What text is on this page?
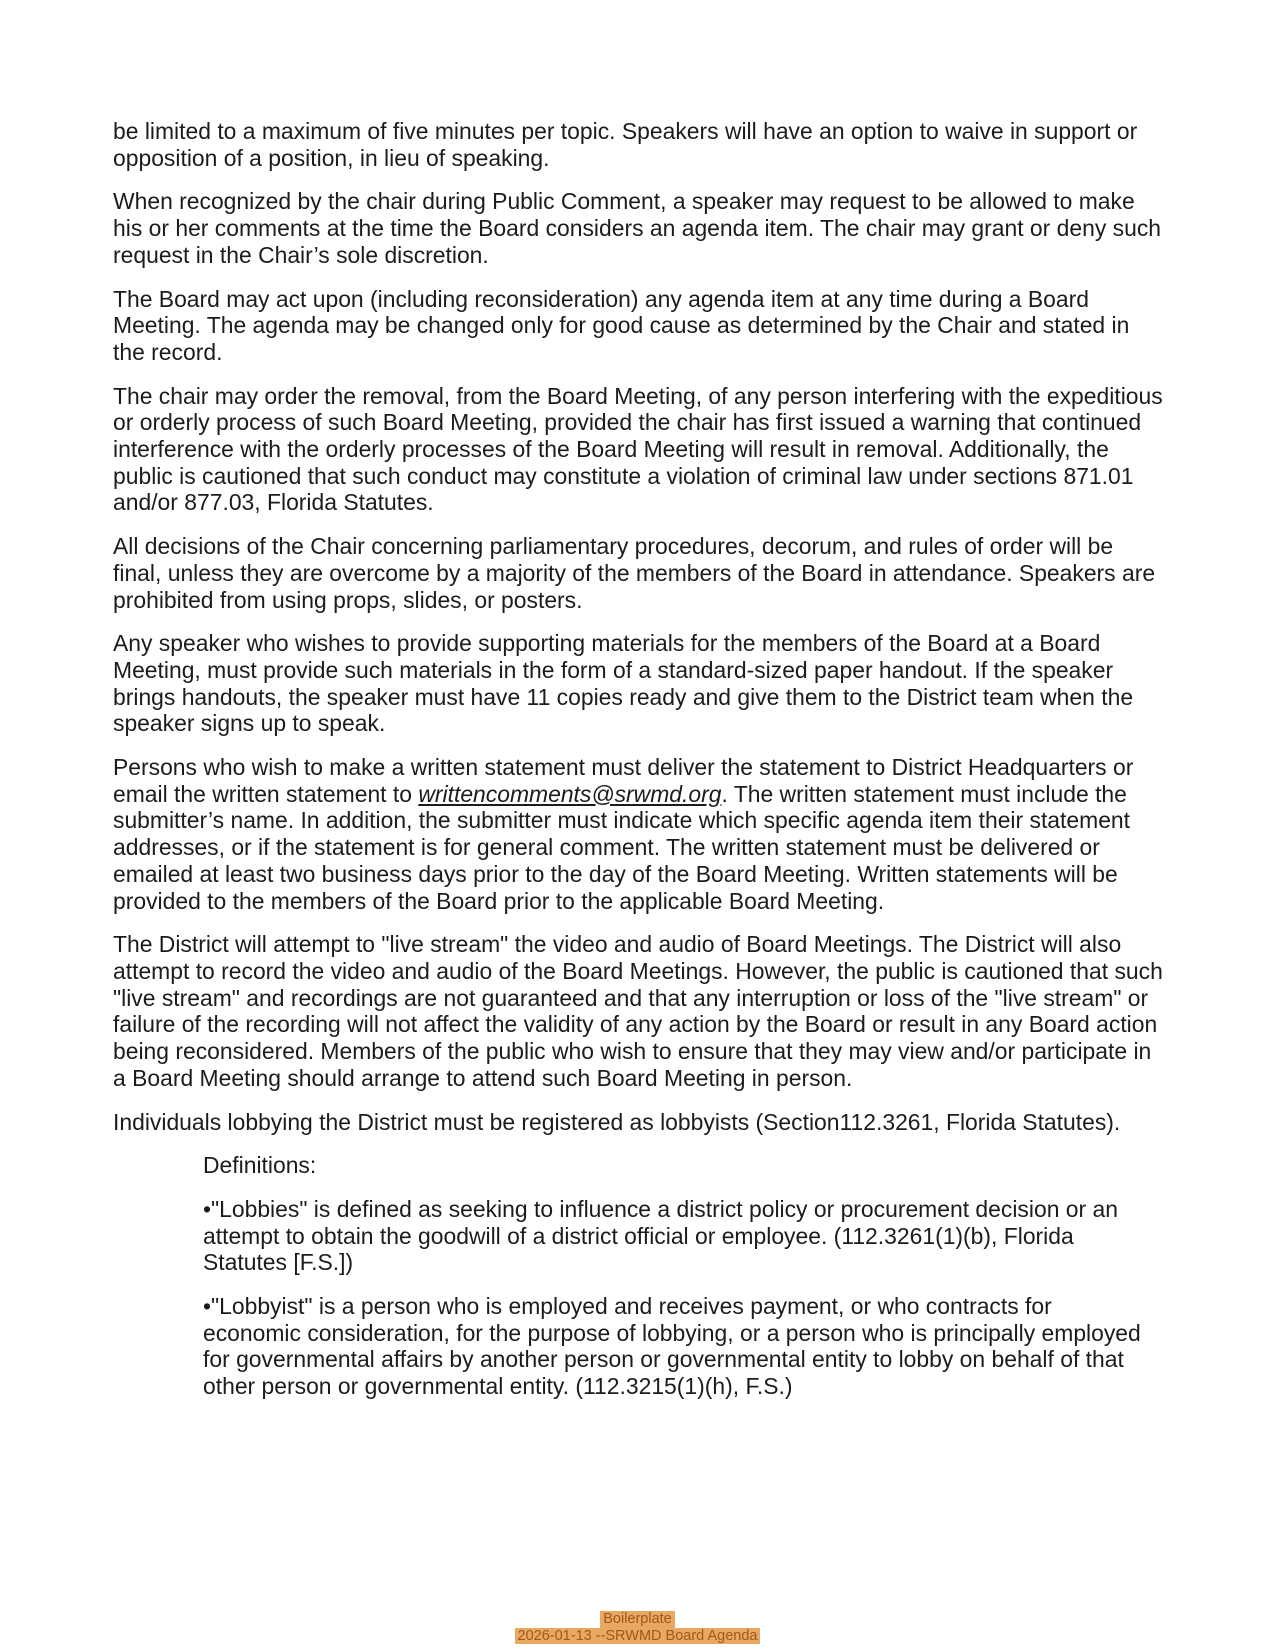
be limited to a maximum of five minutes per topic. Speakers will have an option to waive in support or opposition of a position, in lieu of speaking.

When recognized by the chair during Public Comment, a speaker may request to be allowed to make his or her comments at the time the Board considers an agenda item. The chair may grant or deny such request in the Chair’s sole discretion.

The Board may act upon (including reconsideration) any agenda item at any time during a Board Meeting. The agenda may be changed only for good cause as determined by the Chair and stated in the record.

The chair may order the removal, from the Board Meeting, of any person interfering with the expeditious or orderly process of such Board Meeting, provided the chair has first issued a warning that continued interference with the orderly processes of the Board Meeting will result in removal. Additionally, the public is cautioned that such conduct may constitute a violation of criminal law under sections 871.01 and/or 877.03, Florida Statutes.

All decisions of the Chair concerning parliamentary procedures, decorum, and rules of order will be final, unless they are overcome by a majority of the members of the Board in attendance. Speakers are prohibited from using props, slides, or posters.

Any speaker who wishes to provide supporting materials for the members of the Board at a Board Meeting, must provide such materials in the form of a standard-sized paper handout. If the speaker brings handouts, the speaker must have 11 copies ready and give them to the District team when the speaker signs up to speak.

Persons who wish to make a written statement must deliver the statement to District Headquarters or email the written statement to writtencomments@srwmd.org. The written statement must include the submitter’s name. In addition, the submitter must indicate which specific agenda item their statement addresses, or if the statement is for general comment. The written statement must be delivered or emailed at least two business days prior to the day of the Board Meeting. Written statements will be provided to the members of the Board prior to the applicable Board Meeting.

The District will attempt to "live stream" the video and audio of Board Meetings. The District will also attempt to record the video and audio of the Board Meetings. However, the public is cautioned that such "live stream" and recordings are not guaranteed and that any interruption or loss of the "live stream" or failure of the recording will not affect the validity of any action by the Board or result in any Board action being reconsidered. Members of the public who wish to ensure that they may view and/or participate in a Board Meeting should arrange to attend such Board Meeting in person.

Individuals lobbying the District must be registered as lobbyists (Section112.3261, Florida Statutes).

Definitions:

•"Lobbies" is defined as seeking to influence a district policy or procurement decision or an attempt to obtain the goodwill of a district official or employee. (112.3261(1)(b), Florida Statutes [F.S.])

•"Lobbyist" is a person who is employed and receives payment, or who contracts for economic consideration, for the purpose of lobbying, or a person who is principally employed for governmental affairs by another person or governmental entity to lobby on behalf of that other person or governmental entity. (112.3215(1)(h), F.S.)

Boilerplate
2026-01-13 --SRWMD Board Agenda
